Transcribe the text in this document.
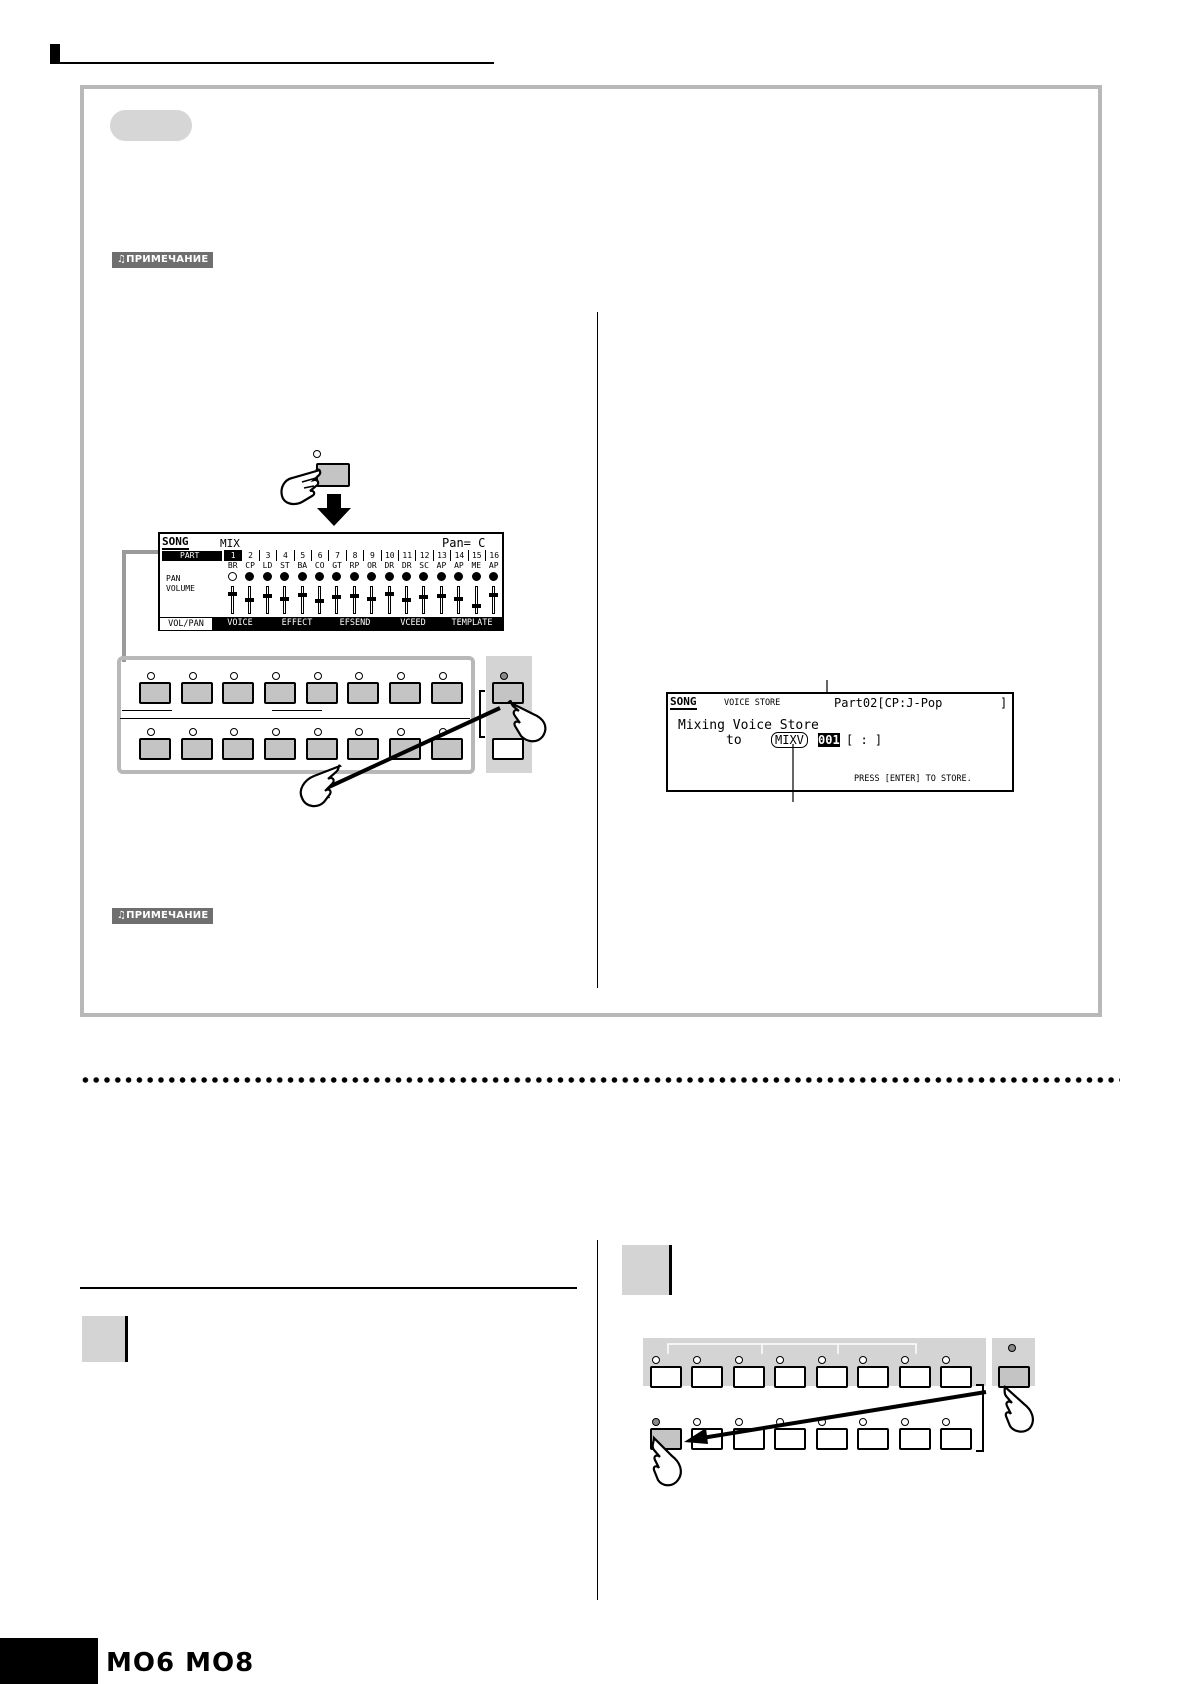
♫ПРИМЕЧАНИЕ
♫ПРИМЕЧАНИЕ
SONG	MIX	Pan= C
PART	1	2	3	4	5	6	7	8	9	10 11 12 13 14 15 16
BR CP LD ST BA CO GT RP OR DR DR SC AP AP ME AP
PAN
VOLUME
VOL/PAN	VOICE	EFFECT	EFSEND	VCEED	TEMPLATE
SONG	VOICE STORE	Part02[CP:J-Pop	]
Mixing Voice Store
to	MIXV	001 [ : ]
PRESS [ENTER] TO STORE.
MO6 MO8
